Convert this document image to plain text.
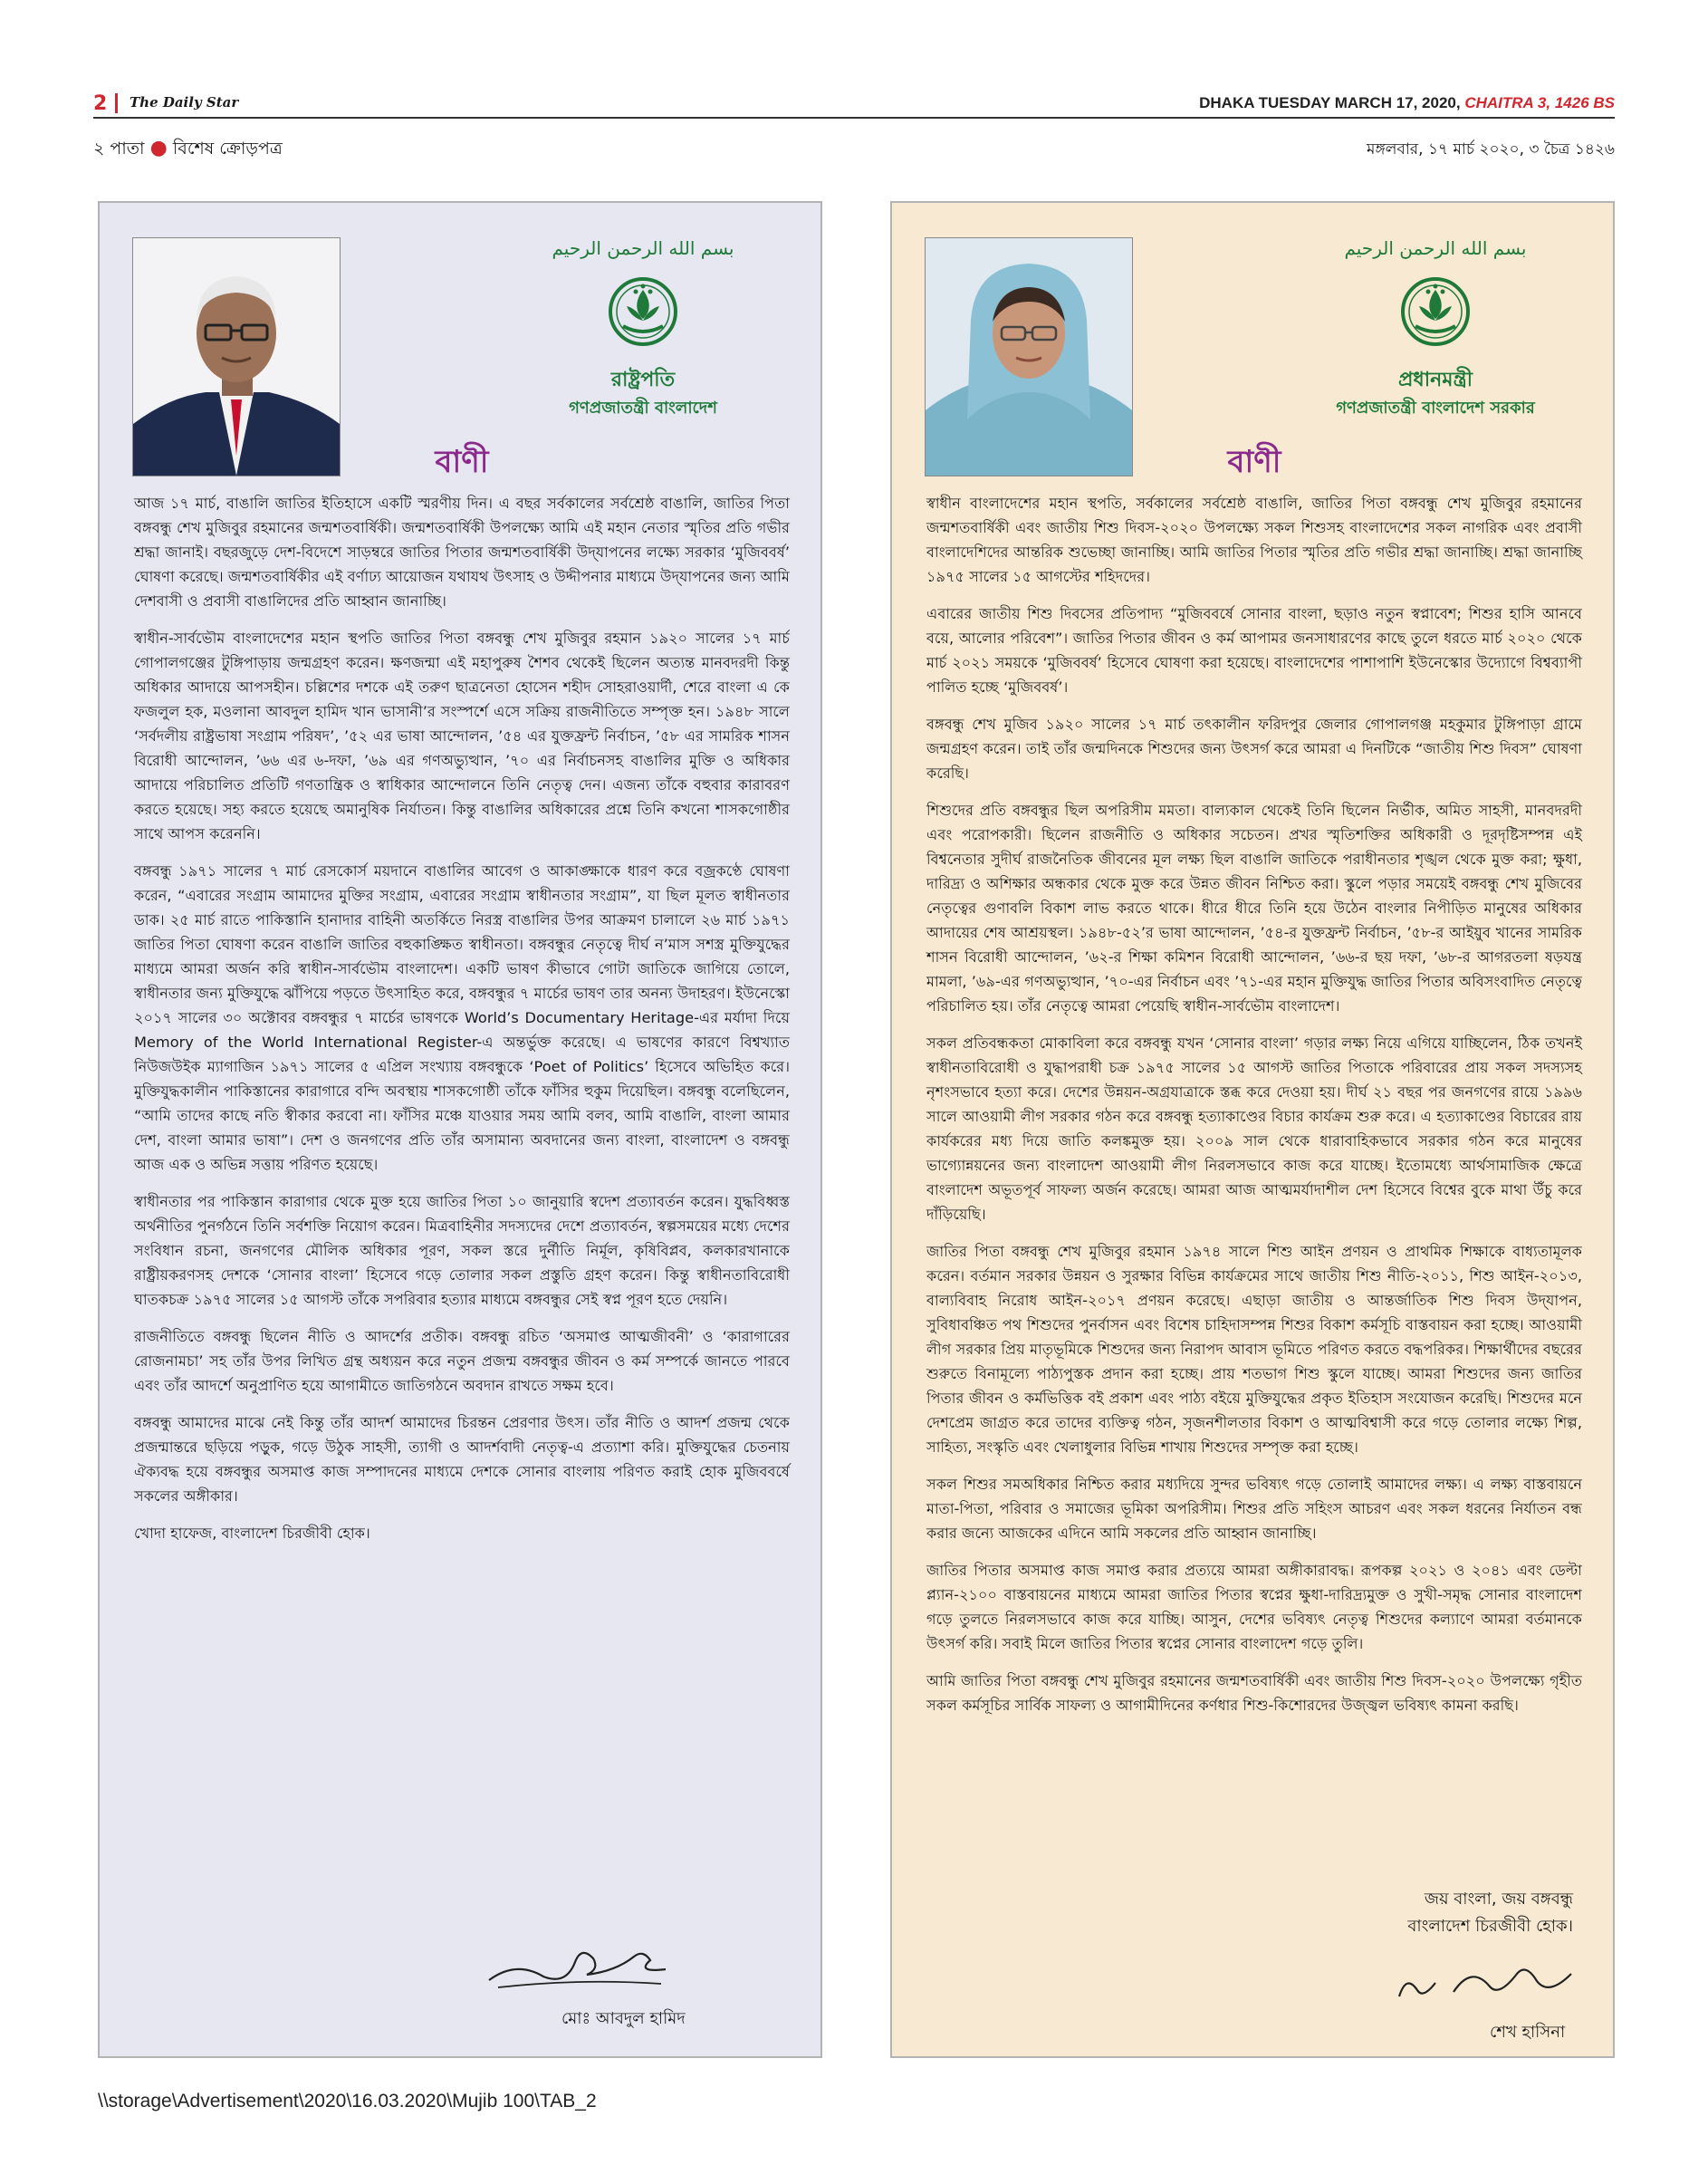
2 The Daily Star	DHAKA TUESDAY MARCH 17, 2020, CHAITRA 3, 1426 BS
২ পাতা ● বিশেষ ক্রোড়পত্র	মঙ্গলবার, ১৭ মার্চ ২০২০, ৩ চৈত্র ১৪২৬
بسم الله الرحمن الرحيم
রাষ্ট্রপতি
গণপ্রজাতন্ত্রী বাংলাদেশ
বাণী

আজ ১৭ মার্চ, বাঙালি জাতির ইতিহাসে একটি স্মরণীয় দিন। এ বছর সর্বকালের সর্বশ্রেষ্ঠ বাঙালি, জাতির পিতা বঙ্গবন্ধু শেখ মুজিবুর রহমানের জন্মশতবার্ষিকী। জন্মশতবার্ষিকী উপলক্ষ্যে আমি এই মহান নেতার স্মৃতির প্রতি গভীর শ্রদ্ধা জানাই। বছরজুড়ে দেশ-বিদেশে সাড়ম্বরে জাতির পিতার জন্মশতবার্ষিকী উদ্‌যাপনের লক্ষ্যে সরকার ‘মুজিববর্ষ’ ঘোষণা করেছে। জন্মশতবার্ষিকীর এই বর্ণাঢ্য আয়োজন যথাযথ উৎসাহ ও উদ্দীপনার মাধ্যমে উদ্‌যাপনের জন্য আমি দেশবাসী ও প্রবাসী বাঙালিদের প্রতি আহ্বান জানাচ্ছি।

স্বাধীন-সার্বভৌম বাংলাদেশের মহান স্থপতি জাতির পিতা বঙ্গবন্ধু শেখ মুজিবুর রহমান ১৯২০ সালের ১৭ মার্চ গোপালগঞ্জের টুঙ্গিপাড়ায় জন্মগ্রহণ করেন। ক্ষণজন্মা এই মহাপুরুষ শৈশব থেকেই ছিলেন অত্যন্ত মানবদরদী কিন্তু অধিকার আদায়ে আপসহীন। চল্লিশের দশকে এই তরুণ ছাত্রনেতা হোসেন শহীদ সোহরাওয়ার্দী, শেরে বাংলা এ কে ফজলুল হক, মওলানা আবদুল হামিদ খান ভাসানী’র সংস্পর্শে এসে সক্রিয় রাজনীতিতে সম্পৃক্ত হন। ১৯৪৮ সালে ‘সর্বদলীয় রাষ্ট্রভাষা সংগ্রাম পরিষদ’, ’৫২ এর ভাষা আন্দোলন, ’৫৪ এর যুক্তফ্রন্ট নির্বাচন, ’৫৮ এর সামরিক শাসন বিরোধী আন্দোলন, ’৬৬ এর ৬-দফা, ’৬৯ এর গণঅভ্যুত্থান, ’৭০ এর নির্বাচনসহ বাঙালির মুক্তি ও অধিকার আদায়ে পরিচালিত প্রতিটি গণতান্ত্রিক ও স্বাধিকার আন্দোলনে তিনি নেতৃত্ব দেন। এজন্য তাঁকে বহুবার কারাবরণ করতে হয়েছে। সহ্য করতে হয়েছে অমানুষিক নির্যাতন। কিন্তু বাঙালির অধিকারের প্রশ্নে তিনি কখনো শাসকগোষ্ঠীর সাথে আপস করেননি।

বঙ্গবন্ধু ১৯৭১ সালের ৭ মার্চ রেসকোর্স ময়দানে বাঙালির আবেগ ও আকাঙ্ক্ষাকে ধারণ করে বজ্রকণ্ঠে ঘোষণা করেন, “এবারের সংগ্রাম আমাদের মুক্তির সংগ্রাম, এবারের সংগ্রাম স্বাধীনতার সংগ্রাম”, যা ছিল মূলত স্বাধীনতার ডাক। ২৫ মার্চ রাতে পাকিস্তানি হানাদার বাহিনী অতর্কিতে নিরস্ত্র বাঙালির উপর আক্রমণ চালালে ২৬ মার্চ ১৯৭১ জাতির পিতা ঘোষণা করেন বাঙালি জাতির বহুকাঙ্ক্ষিত স্বাধীনতা। বঙ্গবন্ধুর নেতৃত্বে দীর্ঘ ন’মাস সশস্ত্র মুক্তিযুদ্ধের মাধ্যমে আমরা অর্জন করি স্বাধীন-সার্বভৌম বাংলাদেশ। একটি ভাষণ কীভাবে গোটা জাতিকে জাগিয়ে তোলে, স্বাধীনতার জন্য মুক্তিযুদ্ধে ঝাঁপিয়ে পড়তে উৎসাহিত করে, বঙ্গবন্ধুর ৭ মার্চের ভাষণ তার অনন্য উদাহরণ। ইউনেস্কো ২০১৭ সালের ৩০ অক্টোবর বঙ্গবন্ধুর ৭ মার্চের ভাষণকে World’s Documentary Heritage-এর মর্যাদা দিয়ে Memory of the World International Register-এ অন্তর্ভুক্ত করেছে। এ ভাষণের কারণে বিশ্বখ্যাত নিউজউইক ম্যাগাজিন ১৯৭১ সালের ৫ এপ্রিল সংখ্যায় বঙ্গবন্ধুকে ‘Poet of Politics’ হিসেবে অভিহিত করে। মুক্তিযুদ্ধকালীন পাকিস্তানের কারাগারে বন্দি অবস্থায় শাসকগোষ্ঠী তাঁকে ফাঁসির হুকুম দিয়েছিল। বঙ্গবন্ধু বলেছিলেন, “আমি তাদের কাছে নতি স্বীকার করবো না। ফাঁসির মঞ্চে যাওয়ার সময় আমি বলব, আমি বাঙালি, বাংলা আমার দেশ, বাংলা আমার ভাষা”। দেশ ও জনগণের প্রতি তাঁর অসামান্য অবদানের জন্য বাংলা, বাংলাদেশ ও বঙ্গবন্ধু আজ এক ও অভিন্ন সত্তায় পরিণত হয়েছে।

স্বাধীনতার পর পাকিস্তান কারাগার থেকে মুক্ত হয়ে জাতির পিতা ১০ জানুয়ারি স্বদেশ প্রত্যাবর্তন করেন। যুদ্ধবিধ্বস্ত অর্থনীতির পুনর্গঠনে তিনি সর্বশক্তি নিয়োগ করেন। মিত্রবাহিনীর সদস্যদের দেশে প্রত্যাবর্তন, স্বল্পসময়ের মধ্যে দেশের সংবিধান রচনা, জনগণের মৌলিক অধিকার পূরণ, সকল স্তরে দুর্নীতি নির্মূল, কৃষিবিপ্লব, কলকারখানাকে রাষ্ট্রীয়করণসহ দেশকে ‘সোনার বাংলা’ হিসেবে গড়ে তোলার সকল প্রস্তুতি গ্রহণ করেন। কিন্তু স্বাধীনতাবিরোধী ঘাতকচক্র ১৯৭৫ সালের ১৫ আগস্ট তাঁকে সপরিবার হত্যার মাধ্যমে বঙ্গবন্ধুর সেই স্বপ্ন পূরণ হতে দেয়নি।

রাজনীতিতে বঙ্গবন্ধু ছিলেন নীতি ও আদর্শের প্রতীক। বঙ্গবন্ধু রচিত ‘অসমাপ্ত আত্মজীবনী’ ও ‘কারাগারের রোজনামচা’ সহ তাঁর উপর লিখিত গ্রন্থ অধ্যয়ন করে নতুন প্রজন্ম বঙ্গবন্ধুর জীবন ও কর্ম সম্পর্কে জানতে পারবে এবং তাঁর আদর্শে অনুপ্রাণিত হয়ে আগামীতে জাতিগঠনে অবদান রাখতে সক্ষম হবে।

বঙ্গবন্ধু আমাদের মাঝে নেই কিন্তু তাঁর আদর্শ আমাদের চিরন্তন প্রেরণার উৎস। তাঁর নীতি ও আদর্শ প্রজন্ম থেকে প্রজন্মান্তরে ছড়িয়ে পড়ুক, গড়ে উঠুক সাহসী, ত্যাগী ও আদর্শবাদী নেতৃত্ব-এ প্রত্যাশা করি। মুক্তিযুদ্ধের চেতনায় ঐক্যবদ্ধ হয়ে বঙ্গবন্ধুর অসমাপ্ত কাজ সম্পাদনের মাধ্যমে দেশকে সোনার বাংলায় পরিণত করাই হোক মুজিববর্ষে সকলের অঙ্গীকার।

খোদা হাফেজ, বাংলাদেশ চিরজীবী হোক।

মোঃ আবদুল হামিদ
بسم الله الرحمن الرحيم
প্রধানমন্ত্রী
গণপ্রজাতন্ত্রী বাংলাদেশ সরকার
বাণী

স্বাধীন বাংলাদেশের মহান স্থপতি, সর্বকালের সর্বশ্রেষ্ঠ বাঙালি, জাতির পিতা বঙ্গবন্ধু শেখ মুজিবুর রহমানের জন্মশতবার্ষিকী এবং জাতীয় শিশু দিবস-২০২০ উপলক্ষ্যে সকল শিশুসহ বাংলাদেশের সকল নাগরিক এবং প্রবাসী বাংলাদেশিদের আন্তরিক শুভেচ্ছা জানাচ্ছি। আমি জাতির পিতার স্মৃতির প্রতি গভীর শ্রদ্ধা জানাচ্ছি। শ্রদ্ধা জানাচ্ছি ১৯৭৫ সালের ১৫ আগস্টের শহিদদের।

এবারের জাতীয় শিশু দিবসের প্রতিপাদ্য “মুজিববর্ষে সোনার বাংলা, ছড়াও নতুন স্বপ্নাবেশ; শিশুর হাসি আনবে বয়ে, আলোর পরিবেশ”। জাতির পিতার জীবন ও কর্ম আপামর জনসাধারণের কাছে তুলে ধরতে মার্চ ২০২০ থেকে মার্চ ২০২১ সময়কে ‘মুজিববর্ষ’ হিসেবে ঘোষণা করা হয়েছে। বাংলাদেশের পাশাপাশি ইউনেস্কোর উদ্যোগে বিশ্বব্যাপী পালিত হচ্ছে ‘মুজিববর্ষ’।

বঙ্গবন্ধু শেখ মুজিব ১৯২০ সালের ১৭ মার্চ তৎকালীন ফরিদপুর জেলার গোপালগঞ্জ মহকুমার টুঙ্গিপাড়া গ্রামে জন্মগ্রহণ করেন। তাই তাঁর জন্মদিনকে শিশুদের জন্য উৎসর্গ করে আমরা এ দিনটিকে “জাতীয় শিশু দিবস” ঘোষণা করেছি।

শিশুদের প্রতি বঙ্গবন্ধুর ছিল অপরিসীম মমতা। বাল্যকাল থেকেই তিনি ছিলেন নির্ভীক, অমিত সাহসী, মানবদরদী এবং পরোপকারী। ছিলেন রাজনীতি ও অধিকার সচেতন। প্রখর স্মৃতিশক্তির অধিকারী ও দূরদৃষ্টিসম্পন্ন এই বিশ্বনেতার সুদীর্ঘ রাজনৈতিক জীবনের মূল লক্ষ্য ছিল বাঙালি জাতিকে পরাধীনতার শৃঙ্খল থেকে মুক্ত করা; ক্ষুধা, দারিদ্র্য ও অশিক্ষার অন্ধকার থেকে মুক্ত করে উন্নত জীবন নিশ্চিত করা। স্কুলে পড়ার সময়েই বঙ্গবন্ধু শেখ মুজিবের নেতৃত্বের গুণাবলি বিকাশ লাভ করতে থাকে। ধীরে ধীরে তিনি হয়ে উঠেন বাংলার নিপীড়িত মানুষের অধিকার আদায়ের শেষ আশ্রয়স্থল। ১৯৪৮-৫২’র ভাষা আন্দোলন, ’৫৪-র যুক্তফ্রন্ট নির্বাচন, ’৫৮-র আইয়ুব খানের সামরিক শাসন বিরোধী আন্দোলন, ’৬২-র শিক্ষা কমিশন বিরোধী আন্দোলন, ’৬৬-র ছয় দফা, ’৬৮-র আগরতলা ষড়যন্ত্র মামলা, ’৬৯-এর গণঅভ্যুত্থান, ’৭০-এর নির্বাচন এবং ’৭১-এর মহান মুক্তিযুদ্ধ জাতির পিতার অবিসংবাদিত নেতৃত্বে পরিচালিত হয়। তাঁর নেতৃত্বে আমরা পেয়েছি স্বাধীন-সার্বভৌম বাংলাদেশ।

সকল প্রতিবন্ধকতা মোকাবিলা করে বঙ্গবন্ধু যখন ‘সোনার বাংলা’ গড়ার লক্ষ্য নিয়ে এগিয়ে যাচ্ছিলেন, ঠিক তখনই স্বাধীনতাবিরোধী ও যুদ্ধাপরাধী চক্র ১৯৭৫ সালের ১৫ আগস্ট জাতির পিতাকে পরিবারের প্রায় সকল সদস্যসহ নৃশংসভাবে হত্যা করে। দেশের উন্নয়ন-অগ্রযাত্রাকে স্তব্ধ করে দেওয়া হয়। দীর্ঘ ২১ বছর পর জনগণের রায়ে ১৯৯৬ সালে আওয়ামী লীগ সরকার গঠন করে বঙ্গবন্ধু হত্যাকাণ্ডের বিচার কার্যক্রম শুরু করে। এ হত্যাকাণ্ডের বিচারের রায় কার্যকরের মধ্য দিয়ে জাতি কলঙ্কমুক্ত হয়। ২০০৯ সাল থেকে ধারাবাহিকভাবে সরকার গঠন করে মানুষের ভাগ্যোন্নয়নের জন্য বাংলাদেশ আওয়ামী লীগ নিরলসভাবে কাজ করে যাচ্ছে। ইতোমধ্যে আর্থসামাজিক ক্ষেত্রে বাংলাদেশ অভূতপূর্ব সাফল্য অর্জন করেছে। আমরা আজ আত্মমর্যাদাশীল দেশ হিসেবে বিশ্বের বুকে মাথা উঁচু করে দাঁড়িয়েছি।

জাতির পিতা বঙ্গবন্ধু শেখ মুজিবুর রহমান ১৯৭৪ সালে শিশু আইন প্রণয়ন ও প্রাথমিক শিক্ষাকে বাধ্যতামূলক করেন। বর্তমান সরকার উন্নয়ন ও সুরক্ষার বিভিন্ন কার্যক্রমের সাথে জাতীয় শিশু নীতি-২০১১, শিশু আইন-২০১৩, বাল্যবিবাহ নিরোধ আইন-২০১৭ প্রণয়ন করেছে। এছাড়া জাতীয় ও আন্তর্জাতিক শিশু দিবস উদ্‌যাপন, সুবিধাবঞ্চিত পথ শিশুদের পুনর্বাসন এবং বিশেষ চাহিদাসম্পন্ন শিশুর বিকাশ কর্মসূচি বাস্তবায়ন করা হচ্ছে। আওয়ামী লীগ সরকার প্রিয় মাতৃভূমিকে শিশুদের জন্য নিরাপদ আবাস ভূমিতে পরিণত করতে বদ্ধপরিকর। শিক্ষার্থীদের বছরের শুরুতে বিনামূল্যে পাঠ্যপুস্তক প্রদান করা হচ্ছে। প্রায় শতভাগ শিশু স্কুলে যাচ্ছে। আমরা শিশুদের জন্য জাতির পিতার জীবন ও কর্মভিত্তিক বই প্রকাশ এবং পাঠ্য বইয়ে মুক্তিযুদ্ধের প্রকৃত ইতিহাস সংযোজন করেছি। শিশুদের মনে দেশপ্রেম জাগ্রত করে তাদের ব্যক্তিত্ব গঠন, সৃজনশীলতার বিকাশ ও আত্মবিশ্বাসী করে গড়ে তোলার লক্ষ্যে শিল্প, সাহিত্য, সংস্কৃতি এবং খেলাধুলার বিভিন্ন শাখায় শিশুদের সম্পৃক্ত করা হচ্ছে।

সকল শিশুর সমঅধিকার নিশ্চিত করার মধ্যদিয়ে সুন্দর ভবিষ্যৎ গড়ে তোলাই আমাদের লক্ষ্য। এ লক্ষ্য বাস্তবায়নে মাতা-পিতা, পরিবার ও সমাজের ভূমিকা অপরিসীম। শিশুর প্রতি সহিংস আচরণ এবং সকল ধরনের নির্যাতন বন্ধ করার জন্যে আজকের এদিনে আমি সকলের প্রতি আহ্বান জানাচ্ছি।

জাতির পিতার অসমাপ্ত কাজ সমাপ্ত করার প্রত্যয়ে আমরা অঙ্গীকারাবদ্ধ। রূপকল্প ২০২১ ও ২০৪১ এবং ডেল্টা প্ল্যান-২১০০ বাস্তবায়নের মাধ্যমে আমরা জাতির পিতার স্বপ্নের ক্ষুধা-দারিদ্র্যমুক্ত ও সুখী-সমৃদ্ধ সোনার বাংলাদেশ গড়ে তুলতে নিরলসভাবে কাজ করে যাচ্ছি। আসুন, দেশের ভবিষ্যৎ নেতৃত্ব শিশুদের কল্যাণে আমরা বর্তমানকে উৎসর্গ করি। সবাই মিলে জাতির পিতার স্বপ্নের সোনার বাংলাদেশ গড়ে তুলি।

আমি জাতির পিতা বঙ্গবন্ধু শেখ মুজিবুর রহমানের জন্মশতবার্ষিকী এবং জাতীয় শিশু দিবস-২০২০ উপলক্ষ্যে গৃহীত সকল কর্মসূচির সার্বিক সাফল্য ও আগামীদিনের কর্ণধার শিশু-কিশোরদের উজ্জ্বল ভবিষ্যৎ কামনা করছি।

জয় বাংলা, জয় বঙ্গবন্ধু
বাংলাদেশ চিরজীবী হোক।
শেখ হাসিনা
\\storage\Advertisement\2020\16.03.2020\Mujib 100\TAB_2
